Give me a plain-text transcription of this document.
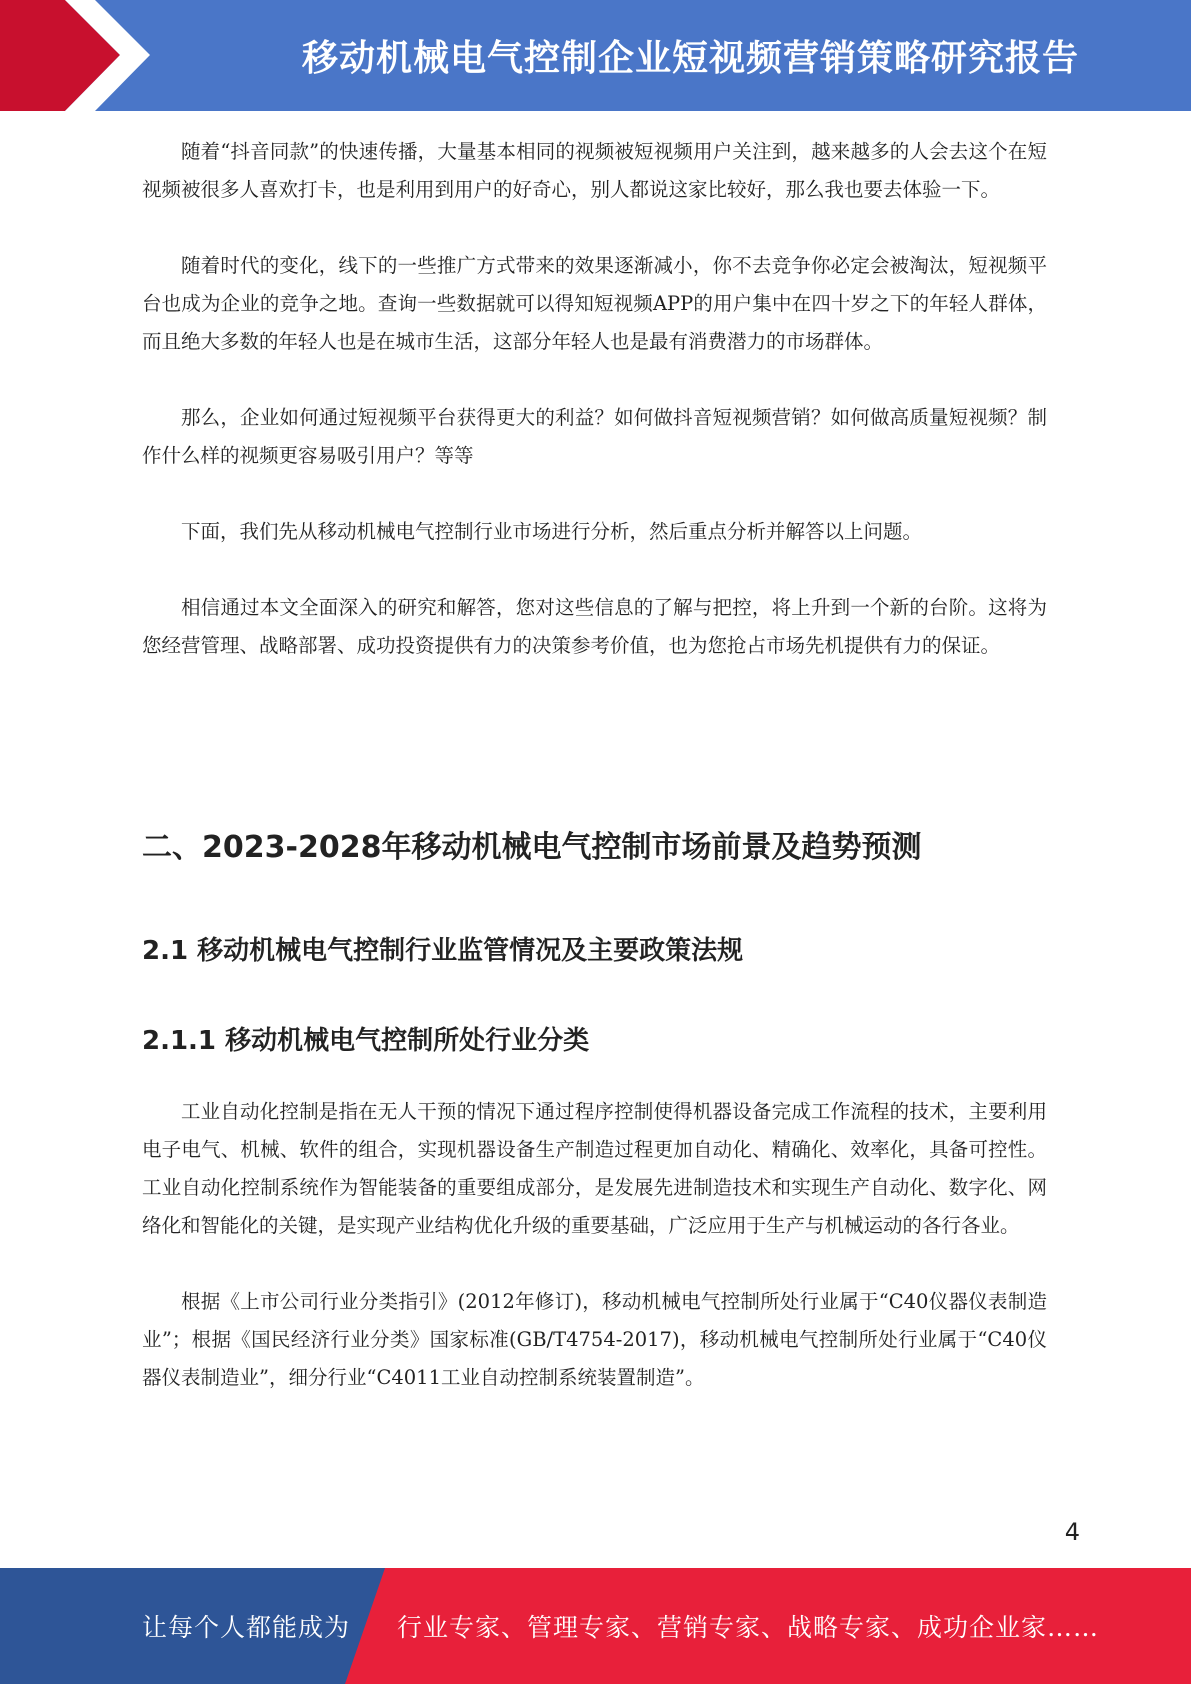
移动机械电气控制企业短视频营销策略研究报告

随着“抖音同款”的快速传播，大量基本相同的视频被短视频用户关注到，越来越多的人会去这个在短视频被很多人喜欢打卡，也是利用到用户的好奇心，别人都说这家比较好，那么我也要去体验一下。

随着时代的变化，线下的一些推广方式带来的效果逐渐减小，你不去竞争你必定会被淘汰，短视频平台也成为企业的竞争之地。查询一些数据就可以得知短视频APP的用户集中在四十岁之下的年轻人群体，而且绝大多数的年轻人也是在城市生活，这部分年轻人也是最有消费潜力的市场群体。

那么，企业如何通过短视频平台获得更大的利益？如何做抖音短视频营销？如何做高质量短视频？制作什么样的视频更容易吸引用户？等等

下面，我们先从移动机械电气控制行业市场进行分析，然后重点分析并解答以上问题。

相信通过本文全面深入的研究和解答，您对这些信息的了解与把控，将上升到一个新的台阶。这将为您经营管理、战略部署、成功投资提供有力的决策参考价值，也为您抢占市场先机提供有力的保证。

二、2023-2028年移动机械电气控制市场前景及趋势预测
2.1 移动机械电气控制行业监管情况及主要政策法规
2.1.1 移动机械电气控制所处行业分类

工业自动化控制是指在无人干预的情况下通过程序控制使得机器设备完成工作流程的技术，主要利用电子电气、机械、软件的组合，实现机器设备生产制造过程更加自动化、精确化、效率化，具备可控性。工业自动化控制系统作为智能装备的重要组成部分，是发展先进制造技术和实现生产自动化、数字化、网络化和智能化的关键，是实现产业结构优化升级的重要基础，广泛应用于生产与机械运动的各行各业。

根据《上市公司行业分类指引》(2012年修订)，移动机械电气控制所处行业属于“C40仪器仪表制造业”；根据《国民经济行业分类》国家标准(GB/T4754-2017)，移动机械电气控制所处行业属于“C40仪器仪表制造业”，细分行业“C4011工业自动控制系统装置制造”。

4
让每个人都能成为 行业专家、管理专家、营销专家、战略专家、成功企业家……
